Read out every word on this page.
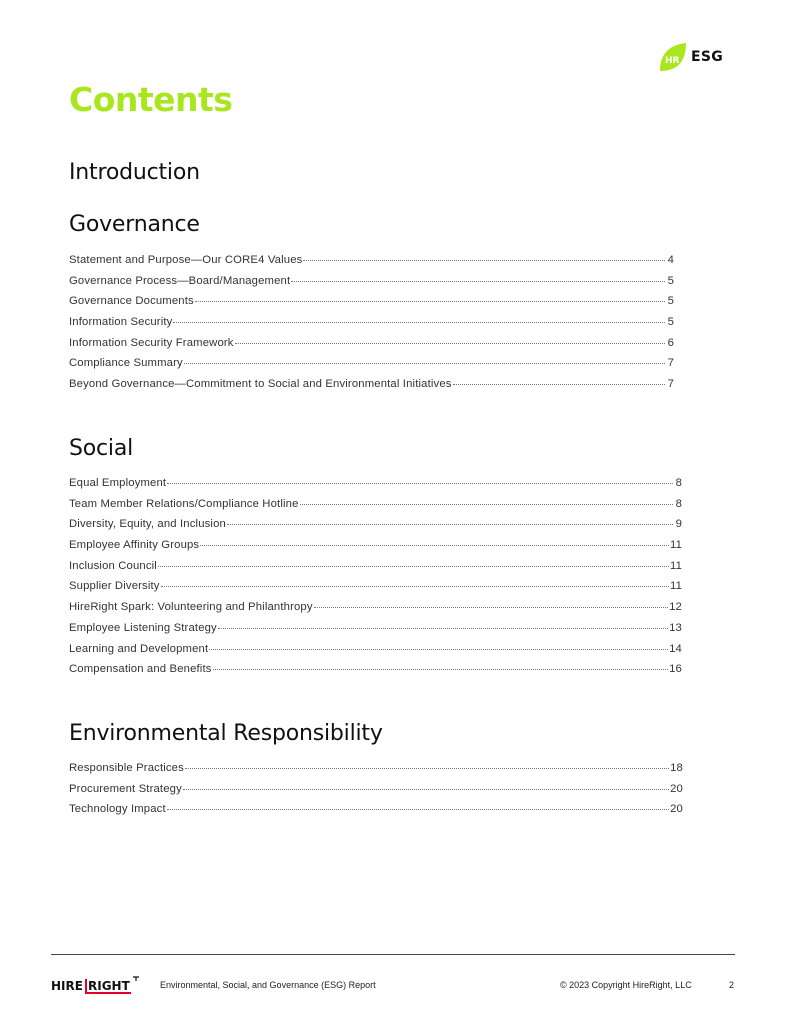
HR ESG
Contents
Introduction
Governance
Statement and Purpose—Our CORE4 Values	4
Governance Process—Board/Management	5
Governance Documents	5
Information Security	5
Information Security Framework	6
Compliance Summary	7
Beyond Governance—Commitment to Social and Environmental Initiatives	7
Social
Equal Employment	8
Team Member Relations/Compliance Hotline	8
Diversity, Equity, and Inclusion	9
Employee Affinity Groups	11
Inclusion Council	11
Supplier Diversity	11
HireRight Spark: Volunteering and Philanthropy	12
Employee Listening Strategy	13
Learning and Development	14
Compensation and Benefits	16
Environmental Responsibility
Responsible Practices	18
Procurement Strategy	20
Technology Impact	20
HIRE RIGHT	Environmental, Social, and Governance (ESG) Report	© 2023 Copyright HireRight, LLC	2
